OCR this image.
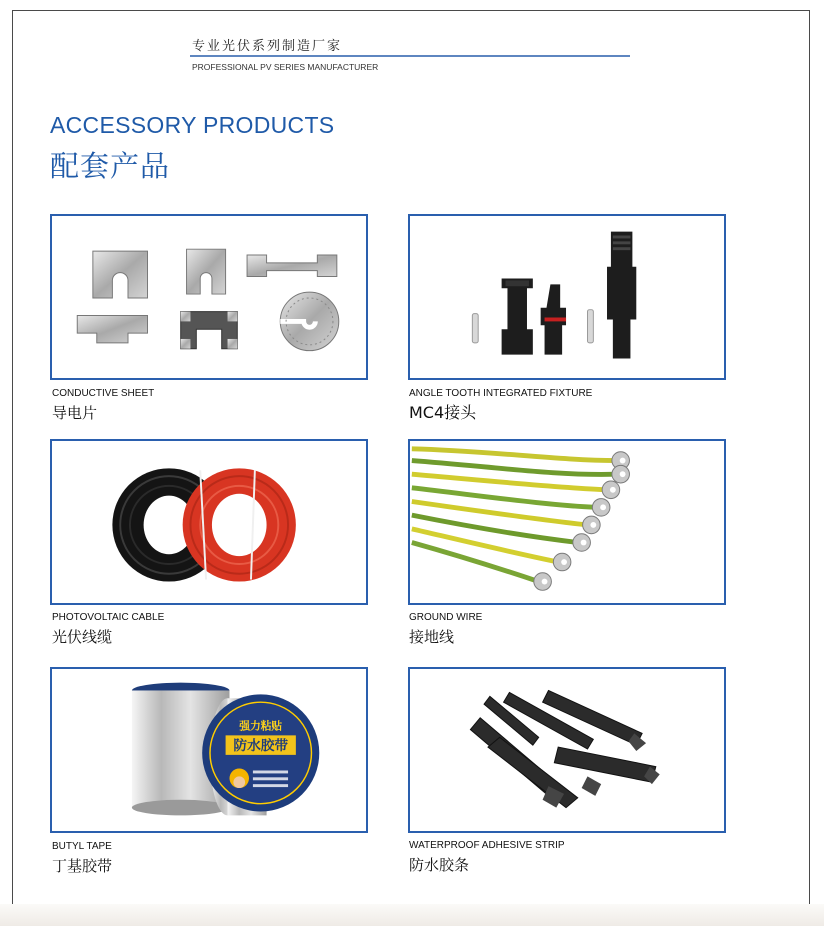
专业光伏系列制造厂家
PROFESSIONAL PV SERIES MANUFACTURER
ACCESSORY PRODUCTS
配套产品
CONDUCTIVE SHEET
导电片
ANGLE TOOTH INTEGRATED FIXTURE
MC4接头
PHOTOVOLTAIC CABLE
光伏线缆
GROUND WIRE
接地线
强力粘贴
防水胶带
BUTYL TAPE
丁基胶带
WATERPROOF ADHESIVE STRIP
防水胶条
